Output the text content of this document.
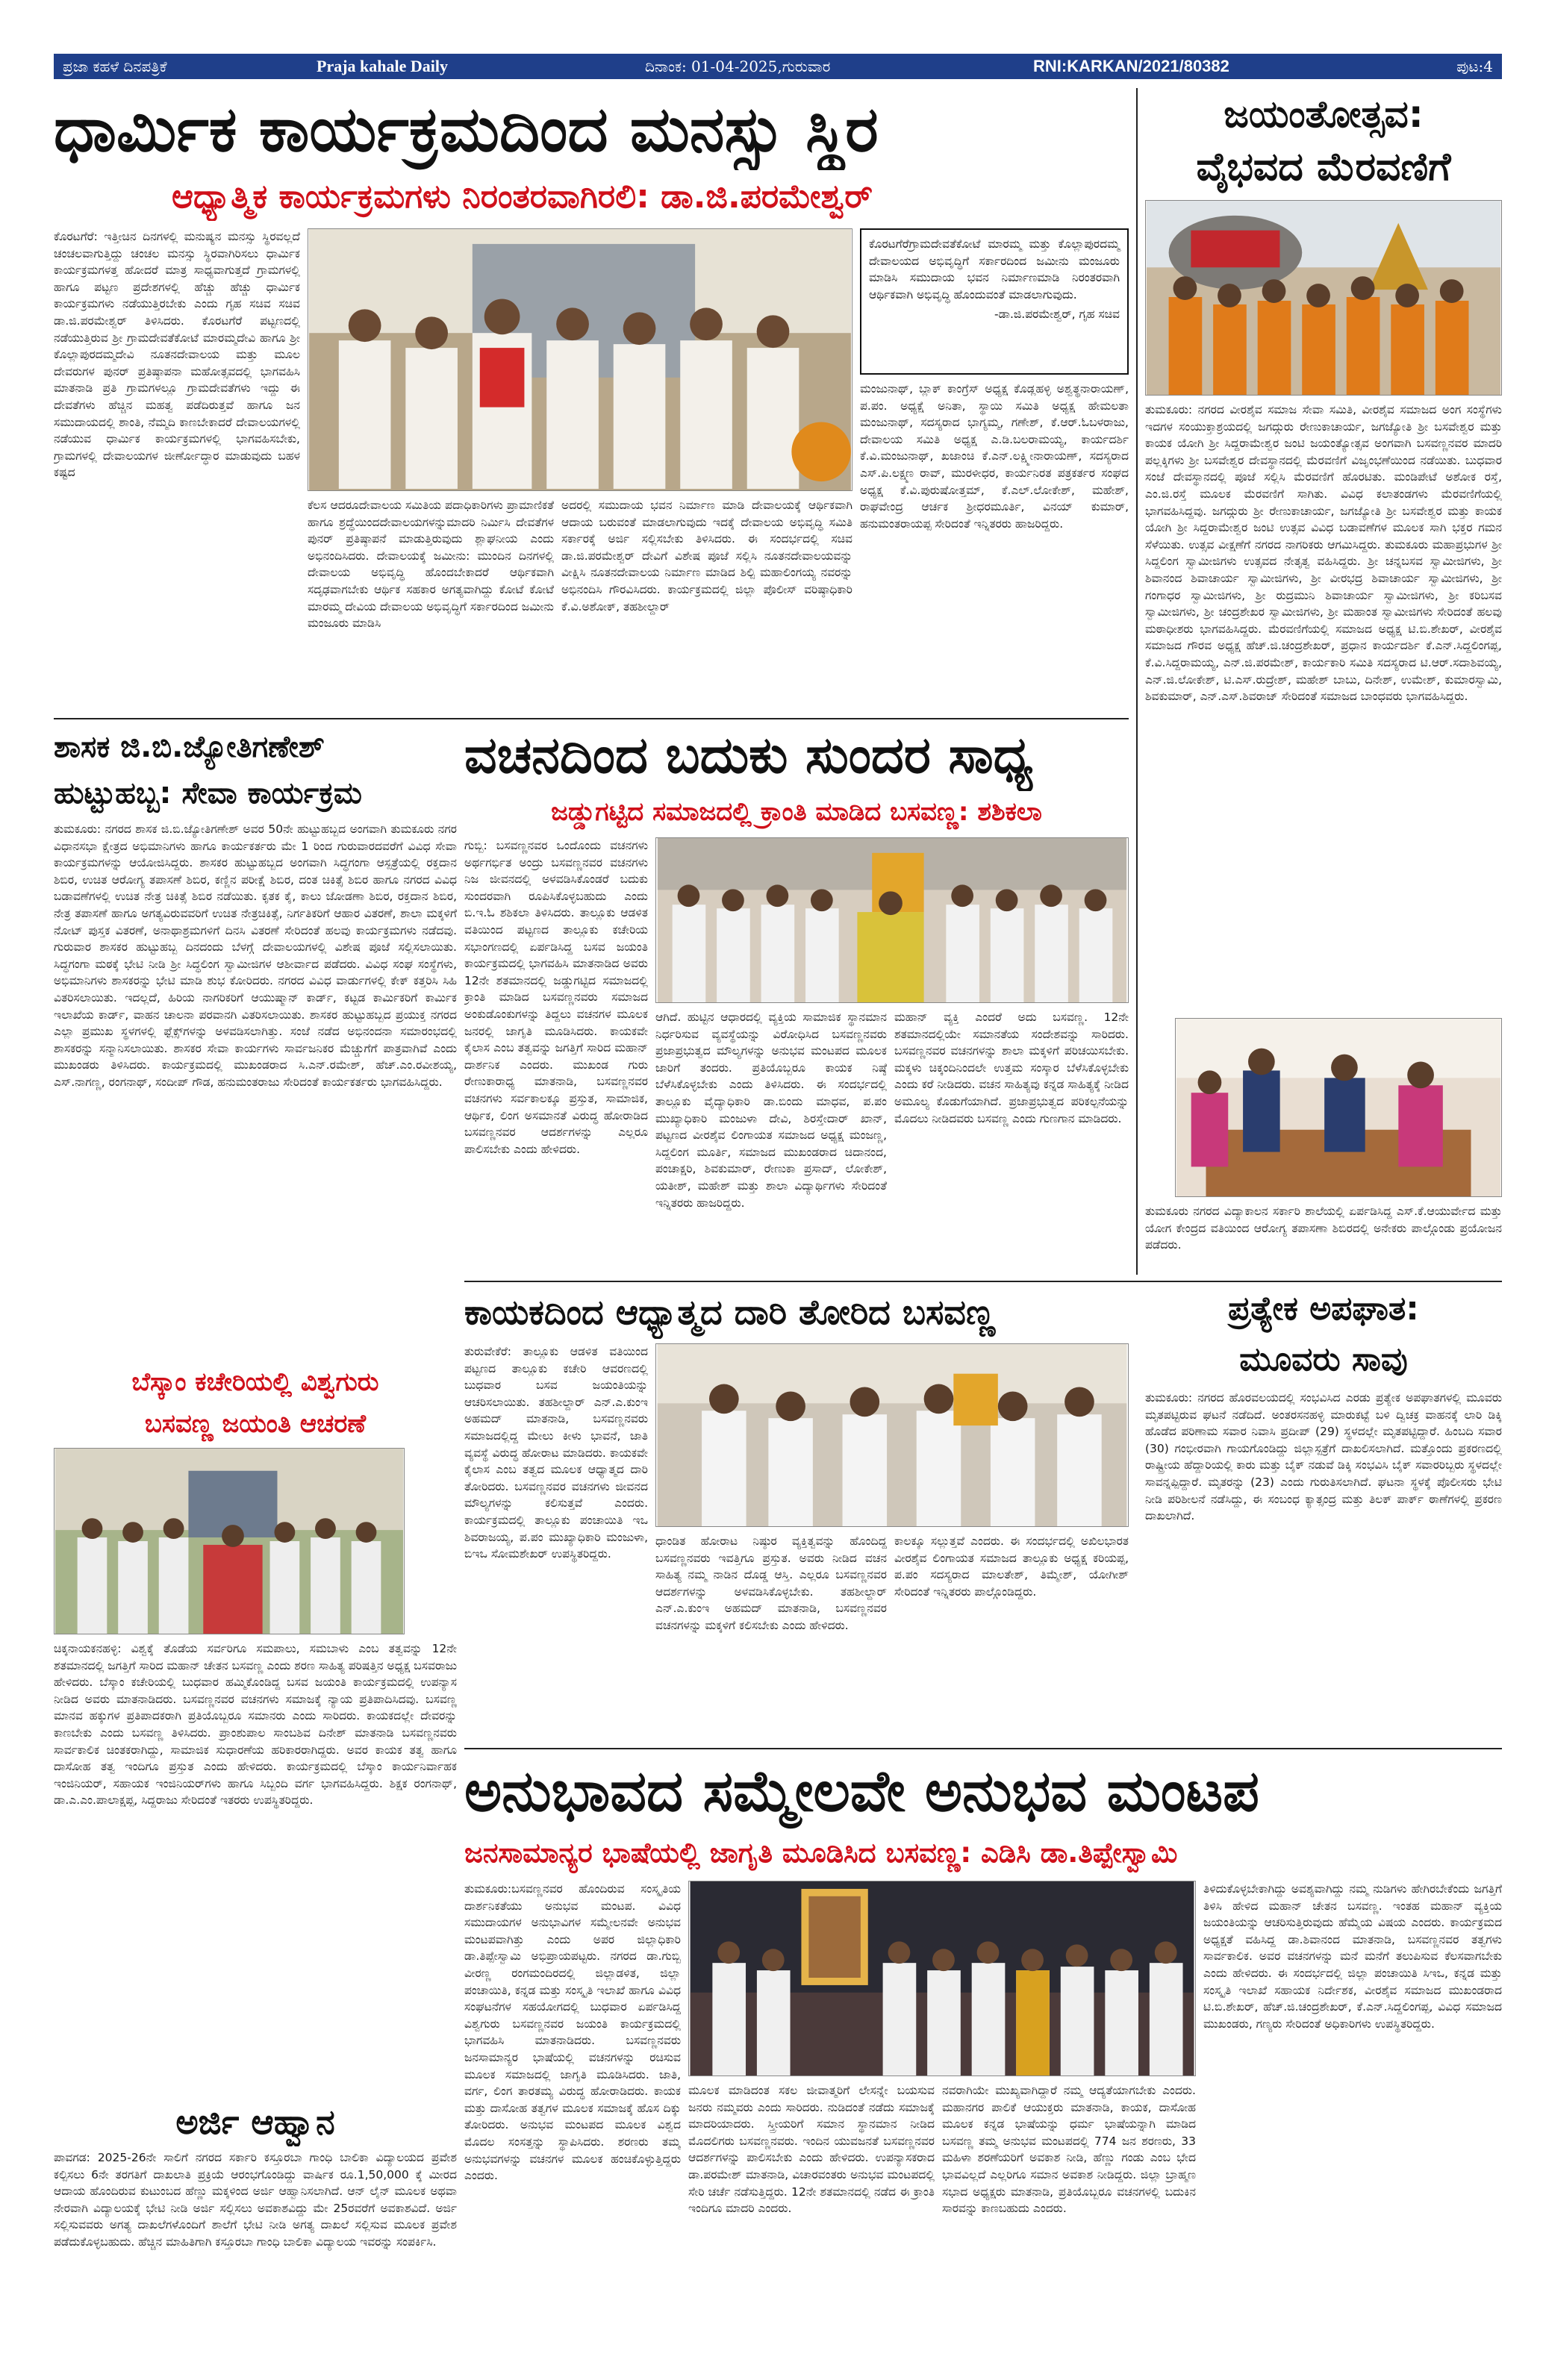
ಪ್ರಜಾ ಕಹಳೆ ದಿನಪತ್ರಿಕೆ	Praja kahale Daily	ದಿನಾಂಕ: 01-04-2025,ಗುರುವಾರ	RNI:KARKAN/2021/80382	ಪುಟ:4
ಧಾರ್ಮಿಕ ಕಾರ್ಯಕ್ರಮದಿಂದ ಮನಸ್ಸು ಸ್ಥಿರ
ಆಧ್ಯಾತ್ಮಿಕ ಕಾರ್ಯಕ್ರಮಗಳು ನಿರಂತರವಾಗಿರಲಿ: ಡಾ.ಜಿ.ಪರಮೇಶ್ವರ್
ಕೊರಟಗೆರೆ: ಇತ್ತೀಚಿನ ದಿನಗಳಲ್ಲಿ ಮನುಷ್ಯನ ಮನಸ್ಸು ಸ್ಥಿರವಲ್ಲದೆ ಚಂಚಲವಾಗುತ್ತಿದ್ದು ಚಂಚಲ ಮನಸ್ಸು ಸ್ಥಿರವಾಗಿರಿಸಲು ಧಾರ್ಮಿಕ ಕಾರ್ಯಕ್ರಮಗಳತ್ತ ಹೋದರೆ ಮಾತ್ರ ಸಾಧ್ಯವಾಗುತ್ತದೆ ಗ್ರಾಮಗಳಲ್ಲಿ ಹಾಗೂ ಪಟ್ಟಣ ಪ್ರದೇಶಗಳಲ್ಲಿ ಹೆಚ್ಚು ಹೆಚ್ಚು ಧಾರ್ಮಿಕ ಕಾರ್ಯಕ್ರಮಗಳು ನಡೆಯುತ್ತಿರಬೇಕು ಎಂದು ಗೃಹ ಸಚಿವ ಸಚಿವ ಡಾ.ಜಿ.ಪರಮೇಶ್ವರ್ ತಿಳಿಸಿದರು. ಕೊರಟಗೆರೆ ಪಟ್ಟಣದಲ್ಲಿ ನಡೆಯುತ್ತಿರುವ ಶ್ರೀ ಗ್ರಾಮದೇವತೆಕೋಟೆ ಮಾರಮ್ಮದೇವಿ ಹಾಗೂ ಶ್ರೀ ಕೊಲ್ಲಾಪುರದಮ್ಮದೇವಿ ನೂತನದೇವಾಲಯ ಮತ್ತು ಮೂಲ ದೇವರುಗಳ ಪುನರ್ ಪ್ರತಿಷ್ಠಾಪನಾ ಮಹೋತ್ಸವದಲ್ಲಿ ಭಾಗವಹಿಸಿ ಮಾತನಾಡಿ ಪ್ರತಿ ಗ್ರಾಮಗಳಲ್ಲೂ ಗ್ರಾಮದೇವತೆಗಳು ಇದ್ದು ಈ ದೇವತೆಗಳು ಹೆಚ್ಚಿನ ಮಹತ್ವ ಪಡೆದಿರುತ್ತವೆ ಹಾಗೂ ಜನ ಸಮುದಾಯದಲ್ಲಿ ಶಾಂತಿ, ನೆಮ್ಮದಿ ಕಾಣಬೇಕಾದರೆ ದೇವಾಲಯಗಳಲ್ಲಿ ನಡೆಯುವ ಧಾರ್ಮಿಕ ಕಾರ್ಯಕ್ರಮಗಳಲ್ಲಿ ಭಾಗವಹಿಸಬೇಕು, ಗ್ರಾಮಗಳಲ್ಲಿ ದೇವಾಲಯಗಳ ಜೀರ್ಣೋದ್ಧಾರ ಮಾಡುವುದು ಬಹಳ ಕಷ್ಟದ
ಕೆಲಸ ಆದರೂದೇವಾಲಯ ಸಮಿತಿಯ ಪದಾಧಿಕಾರಿಗಳು ಪ್ರಾಮಾಣಿಕತೆ ಹಾಗೂ ಶ್ರದ್ಧೆಯಿಂದದೇವಾಲಯಗಳನ್ನುಮಾದರಿ ನಿರ್ಮಿಸಿ ದೇವತೆಗಳ ಪುನರ್ ಪ್ರತಿಷ್ಠಾಪನೆ ಮಾಡುತ್ತಿರುವುದು ಶ್ಲಾಘನೀಯ ಎಂದು ಅಭಿನಂದಿಸಿದರು. ದೇವಾಲಯಕ್ಕೆ ಜಮೀನು: ಮುಂದಿನ ದಿನಗಳಲ್ಲಿ ದೇವಾಲಯ ಅಭಿವೃದ್ಧಿ ಹೊಂದಬೇಕಾದರೆ ಆರ್ಥಿಕವಾಗಿ ಸದೃಢವಾಗಬೇಕು ಆರ್ಥಿಕ ಸಹಕಾರ ಅಗತ್ಯವಾಗಿದ್ದು ಕೋಟೆ ಕೋಟೆ ಮಾರಮ್ಮ ದೇವಿಯ ದೇವಾಲಯ ಅಭಿವೃದ್ಧಿಗೆ ಸರ್ಕಾರದಿಂದ ಜಮೀನು ಮಂಜೂರು ಮಾಡಿಸಿ
ಅದರಲ್ಲಿ ಸಮುದಾಯ ಭವನ ನಿರ್ಮಾಣ ಮಾಡಿ ದೇವಾಲಯಕ್ಕೆ ಆರ್ಥಿಕವಾಗಿ ಆದಾಯ ಬರುವಂತೆ ಮಾಡಲಾಗುವುದು ಇದಕ್ಕೆ ದೇವಾಲಯ ಅಭಿವೃದ್ಧಿ ಸಮಿತಿ ಸರ್ಕಾರಕ್ಕೆ ಅರ್ಜಿ ಸಲ್ಲಿಸಬೇಕು ತಿಳಿಸಿದರು. ಈ ಸಂದರ್ಭದಲ್ಲಿ ಸಚಿವ ಡಾ.ಜಿ.ಪರಮೇಶ್ವರ್ ದೇವಿಗೆ ವಿಶೇಷ ಪೂಜೆ ಸಲ್ಲಿಸಿ ನೂತನದೇವಾಲಯವನ್ನು ವೀಕ್ಷಿಸಿ ನೂತನದೇವಾಲಯ ನಿರ್ಮಾಣ ಮಾಡಿದ ಶಿಲ್ಪಿ ಮಹಾಲಿಂಗಯ್ಯ ನವರನ್ನು ಅಭಿನಂದಿಸಿ ಗೌರವಿಸಿದರು. ಕಾರ್ಯಕ್ರಮದಲ್ಲಿ ಜಿಲ್ಲಾ ಪೊಲೀಸ್ ವರಿಷ್ಠಾಧಿಕಾರಿ ಕೆ.ವಿ.ಅಶೋಕ್, ತಹಶೀಲ್ದಾರ್
ಕೊರಟಗೆರೆಗ್ರಾಮದೇವತೆಕೋಟೆ ಮಾರಮ್ಮ ಮತ್ತು ಕೊಲ್ಲಾಪುರದಮ್ಮ ದೇವಾಲಯದ ಅಭಿವೃದ್ಧಿಗೆ ಸರ್ಕಾರದಿಂದ ಜಮೀನು ಮಂಜೂರು ಮಾಡಿಸಿ ಸಮುದಾಯ ಭವನ ನಿರ್ಮಾಣಮಾಡಿ ನಿರಂತರವಾಗಿ ಆರ್ಥಿಕವಾಗಿ ಅಭಿವೃದ್ಧಿ ಹೊಂದುವಂತೆ ಮಾಡಲಾಗುವುದು.
-ಡಾ.ಜಿ.ಪರಮೇಶ್ವರ್, ಗೃಹ ಸಚಿವ
ಮಂಜುನಾಥ್, ಬ್ಲಾಕ್ ಕಾಂಗ್ರೆಸ್ ಅಧ್ಯಕ್ಷ ಕೊಡ್ಲಹಳ್ಳಿ ಅಶ್ವತ್ಥನಾರಾಯಣ್, ಪ.ಪಂ. ಅಧ್ಯಕ್ಷೆ ಅನಿತಾ, ಸ್ಥಾಯಿ ಸಮಿತಿ ಅಧ್ಯಕ್ಷ ಹೇಮಲತಾ ಮಂಜುನಾಥ್, ಸದಸ್ಯರಾದ ಭಾಗ್ಯಮ್ಮ, ಗಣೇಶ್, ಕೆ.ಆರ್.ಓಬಳರಾಜು, ದೇವಾಲಯ ಸಮಿತಿ ಅಧ್ಯಕ್ಷ ಎ.ಡಿ.ಬಲರಾಮಯ್ಯ, ಕಾರ್ಯದರ್ಶಿ ಕೆ.ವಿ.ಮಂಜುನಾಥ್, ಖಜಾಂಚಿ ಕೆ.ಎನ್.ಲಕ್ಷ್ಮೀನಾರಾಯಣ್, ಸದಸ್ಯರಾದ ಎಸ್.ಪಿ.ಲಕ್ಷ್ಮಣ ರಾವ್, ಮುರಳೀಧರ, ಕಾರ್ಯನಿರತ ಪತ್ರಕರ್ತರ ಸಂಘದ ಅಧ್ಯಕ್ಷ ಕೆ.ವಿ.ಪುರುಷೋತ್ತಮ್, ಕೆ.ಎಲ್.ಲೋಕೇಶ್, ಮಹೇಶ್, ರಾಘವೇಂದ್ರ ಆರ್ಚಕ ಶ್ರೀಧರಮೂರ್ತಿ, ವಿನಯ್ ಕುಮಾರ್, ಹನುಮಂತರಾಯಪ್ಪ ಸೇರಿದಂತೆ ಇನ್ನಿತರರು ಹಾಜರಿದ್ದರು.
ಜಯಂತೋತ್ಸವ:
ವೈಭವದ ಮೆರವಣಿಗೆ
ತುಮಕೂರು: ನಗರದ ವೀರಶೈವ ಸಮಾಜ ಸೇವಾ ಸಮಿತಿ, ವೀರಶೈವ ಸಮಾಜದ ಅಂಗ ಸಂಸ್ಥೆಗಳು ಇದಗಳ ಸಂಯುಕ್ತಾಶ್ರಯದಲ್ಲಿ ಜಗದ್ಗುರು ರೇಣುಕಾಚಾರ್ಯ, ಜಗಜ್ಯೋತಿ ಶ್ರೀ ಬಸವೇಶ್ವರ ಮತ್ತು ಕಾಯಕ ಯೋಗಿ ಶ್ರೀ ಸಿದ್ದರಾಮೇಶ್ವರ ಜಂಟಿ ಜಯಂತ್ಯೋತ್ಸವ ಅಂಗವಾಗಿ ಬಸವಣ್ಣನವರ ಮಾದರಿ ಪಲ್ಲಕ್ಕಿಗಳು ಶ್ರೀ ಬಸವೇಶ್ವರ ದೇವಸ್ಥಾನದಲ್ಲಿ ಮೆರವಣಿಗೆ ವಿಜೃಂಭಣೆಯಿಂದ ನಡೆಯಿತು. ಬುಧವಾರ ಸಂಜೆ ದೇವಸ್ಥಾನದಲ್ಲಿ ಪೂಜೆ ಸಲ್ಲಿಸಿ ಮೆರವಣಿಗೆ ಹೊರಟಿತು. ಮಂಡಿಪೇಟೆ ಅಶೋಕ ರಸ್ತೆ, ಎಂ.ಜಿ.ರಸ್ತೆ ಮೂಲಕ ಮೆರವಣಿಗೆ ಸಾಗಿತು. ವಿವಿಧ ಕಲಾತಂಡಗಳು ಮೆರವಣಿಗೆಯಲ್ಲಿ ಭಾಗವಹಿಸಿದ್ದವು. ಜಗದ್ಗುರು ಶ್ರೀ ರೇಣುಕಾಚಾರ್ಯ, ಜಗಜ್ಯೋತಿ ಶ್ರೀ ಬಸವೇಶ್ವರ ಮತ್ತು ಕಾಯಕ ಯೋಗಿ ಶ್ರೀ ಸಿದ್ದರಾಮೇಶ್ವರ ಜಂಟಿ ಉತ್ಸವ ವಿವಿಧ ಬಡಾವಣೆಗಳ ಮೂಲಕ ಸಾಗಿ ಭಕ್ತರ ಗಮನ ಸೆಳೆಯಿತು. ಉತ್ಸವ ವೀಕ್ಷಣೆಗೆ ನಗರದ ನಾಗರಿಕರು ಆಗಮಿಸಿದ್ದರು. ತುಮಕೂರು ಮಹಾಪ್ರಭುಗಳ ಶ್ರೀ ಸಿದ್ದಲಿಂಗ ಸ್ವಾಮೀಜಿಗಳು ಉತ್ಸವದ ನೇತೃತ್ವ ವಹಿಸಿದ್ದರು. ಶ್ರೀ ಚನ್ನಬಸವ ಸ್ವಾಮೀಜಿಗಳು, ಶ್ರೀ ಶಿವಾನಂದ ಶಿವಾಚಾರ್ಯ ಸ್ವಾಮೀಜಿಗಳು, ಶ್ರೀ ವೀರಭದ್ರ ಶಿವಾಚಾರ್ಯ ಸ್ವಾಮೀಜಿಗಳು, ಶ್ರೀ ಗಂಗಾಧರ ಸ್ವಾಮೀಜಿಗಳು, ಶ್ರೀ ರುದ್ರಮುನಿ ಶಿವಾಚಾರ್ಯ ಸ್ವಾಮೀಜಿಗಳು, ಶ್ರೀ ಕರಿಬಸವ ಸ್ವಾಮೀಜಿಗಳು, ಶ್ರೀ ಚಂದ್ರಶೇಖರ ಸ್ವಾಮೀಜಿಗಳು, ಶ್ರೀ ಮಹಾಂತ ಸ್ವಾಮೀಜಿಗಳು ಸೇರಿದಂತೆ ಹಲವು ಮಠಾಧೀಶರು ಭಾಗವಹಿಸಿದ್ದರು. ಮೆರವಣಿಗೆಯಲ್ಲಿ ಸಮಾಜದ ಅಧ್ಯಕ್ಷ ಟಿ.ಬಿ.ಶೇಖರ್, ವೀರಶೈವ ಸಮಾಜದ ಗೌರವ ಅಧ್ಯಕ್ಷ ಹೆಚ್.ಜಿ.ಚಂದ್ರಶೇಖರ್, ಪ್ರಧಾನ ಕಾರ್ಯದರ್ಶಿ ಕೆ.ಎನ್.ಸಿದ್ದಲಿಂಗಪ್ಪ, ಕೆ.ವಿ.ಸಿದ್ದರಾಮಯ್ಯ, ಎನ್.ಜಿ.ಪರಮೇಶ್, ಕಾರ್ಯಕಾರಿ ಸಮಿತಿ ಸದಸ್ಯರಾದ ಟಿ.ಆರ್.ಸದಾಶಿವಯ್ಯ, ಎನ್.ಜಿ.ಲೋಕೇಶ್, ಟಿ.ಎಸ್.ರುದ್ರೇಶ್, ಮಹೇಶ್ ಬಾಬು, ದಿನೇಶ್, ಉಮೇಶ್, ಕುಮಾರಸ್ವಾಮಿ, ಶಿವಕುಮಾರ್, ಎನ್.ಎಸ್.ಶಿವರಾಜ್ ಸೇರಿದಂತೆ ಸಮಾಜದ ಬಾಂಧವರು ಭಾಗವಹಿಸಿದ್ದರು.
ತುಮಕೂರು ನಗರದ ವಿದ್ಯಾಕಾಲನ ಸರ್ಕಾರಿ ಶಾಲೆಯಲ್ಲಿ ಏರ್ಪಡಿಸಿದ್ದ ಎಸ್.ಕೆ.ಆಯುರ್ವೇದ ಮತ್ತು ಯೋಗ ಕೇಂದ್ರದ ವತಿಯಿಂದ ಆರೋಗ್ಯ ತಪಾಸಣಾ ಶಿಬಿರದಲ್ಲಿ ಅನೇಕರು ಪಾಲ್ಗೊಂಡು ಪ್ರಯೋಜನ ಪಡೆದರು.
ಶಾಸಕ ಜಿ.ಬಿ.ಜ್ಯೋತಿಗಣೇಶ್
ಹುಟ್ಟುಹಬ್ಬ: ಸೇವಾ ಕಾರ್ಯಕ್ರಮ
ತುಮಕೂರು: ನಗರದ ಶಾಸಕ ಜಿ.ಬಿ.ಜ್ಯೋತಿಗಣೇಶ್ ಅವರ 50ನೇ ಹುಟ್ಟುಹಬ್ಬದ ಅಂಗವಾಗಿ ತುಮಕೂರು ನಗರ ವಿಧಾನಸಭಾ ಕ್ಷೇತ್ರದ ಅಭಿಮಾನಿಗಳು ಹಾಗೂ ಕಾರ್ಯಕರ್ತರು ಮೇ 1 ರಿಂದ ಗುರುವಾರದವರೆಗೆ ವಿವಿಧ ಸೇವಾ ಕಾರ್ಯಕ್ರಮಗಳನ್ನು ಆಯೋಜಿಸಿದ್ದರು. ಶಾಸಕರ ಹುಟ್ಟುಹಬ್ಬದ ಅಂಗವಾಗಿ ಸಿದ್ಧಗಂಗಾ ಆಸ್ಪತ್ರೆಯಲ್ಲಿ ರಕ್ತದಾನ ಶಿಬಿರ, ಉಚಿತ ಆರೋಗ್ಯ ತಪಾಸಣೆ ಶಿಬಿರ, ಕಣ್ಣಿನ ಪರೀಕ್ಷೆ ಶಿಬಿರ, ದಂತ ಚಿಕಿತ್ಸೆ ಶಿಬಿರ ಹಾಗೂ ನಗರದ ವಿವಿಧ ಬಡಾವಣೆಗಳಲ್ಲಿ ಉಚಿತ ನೇತ್ರ ಚಿಕಿತ್ಸೆ ಶಿಬಿರ ನಡೆಯಿತು. ಕೃತಕ ಕೈ, ಕಾಲು ಜೋಡಣಾ ಶಿಬಿರ, ರಕ್ತದಾನ ಶಿಬಿರ, ನೇತ್ರ ತಪಾಸಣೆ ಹಾಗೂ ಅಗತ್ಯವಿರುವವರಿಗೆ ಉಚಿತ ನೇತ್ರಚಿಕಿತ್ಸೆ, ನಿರ್ಗತಿಕರಿಗೆ ಆಹಾರ ವಿತರಣೆ, ಶಾಲಾ ಮಕ್ಕಳಿಗೆ ನೋಟ್ ಪುಸ್ತಕ ವಿತರಣೆ, ಅನಾಥಾಶ್ರಮಗಳಿಗೆ ದಿನಸಿ ವಿತರಣೆ ಸೇರಿದಂತೆ ಹಲವು ಕಾರ್ಯಕ್ರಮಗಳು ನಡೆದವು. ಗುರುವಾರ ಶಾಸಕರ ಹುಟ್ಟುಹಬ್ಬ ದಿನದಂದು ಬೆಳಗ್ಗೆ ದೇವಾಲಯಗಳಲ್ಲಿ ವಿಶೇಷ ಪೂಜೆ ಸಲ್ಲಿಸಲಾಯಿತು. ಸಿದ್ಧಗಂಗಾ ಮಠಕ್ಕೆ ಭೇಟಿ ನೀಡಿ ಶ್ರೀ ಸಿದ್ಧಲಿಂಗ ಸ್ವಾಮೀಜಿಗಳ ಆಶೀರ್ವಾದ ಪಡೆದರು. ವಿವಿಧ ಸಂಘ ಸಂಸ್ಥೆಗಳು, ಅಭಿಮಾನಿಗಳು ಶಾಸಕರನ್ನು ಭೇಟಿ ಮಾಡಿ ಶುಭ ಕೋರಿದರು. ನಗರದ ವಿವಿಧ ವಾರ್ಡುಗಳಲ್ಲಿ ಕೇಕ್ ಕತ್ತರಿಸಿ ಸಿಹಿ ವಿತರಿಸಲಾಯಿತು. ಇದಲ್ಲದೆ, ಹಿರಿಯ ನಾಗರಿಕರಿಗೆ ಆಯುಷ್ಮಾನ್ ಕಾರ್ಡ್, ಕಟ್ಟಡ ಕಾರ್ಮಿಕರಿಗೆ ಕಾರ್ಮಿಕ ಇಲಾಖೆಯ ಕಾರ್ಡ್, ವಾಹನ ಚಾಲನಾ ಪರವಾನಗಿ ವಿತರಿಸಲಾಯಿತು. ಶಾಸಕರ ಹುಟ್ಟುಹಬ್ಬದ ಪ್ರಯುಕ್ತ ನಗರದ ಎಲ್ಲಾ ಪ್ರಮುಖ ಸ್ಥಳಗಳಲ್ಲಿ ಫ್ಲೆಕ್ಸ್‌ಗಳನ್ನು ಅಳವಡಿಸಲಾಗಿತ್ತು. ಸಂಜೆ ನಡೆದ ಅಭಿನಂದನಾ ಸಮಾರಂಭದಲ್ಲಿ ಶಾಸಕರನ್ನು ಸನ್ಮಾನಿಸಲಾಯಿತು. ಶಾಸಕರ ಸೇವಾ ಕಾರ್ಯಗಳು ಸಾರ್ವಜನಿಕರ ಮೆಚ್ಚುಗೆಗೆ ಪಾತ್ರವಾಗಿವೆ ಎಂದು ಮುಖಂಡರು ತಿಳಿಸಿದರು. ಕಾರ್ಯಕ್ರಮದಲ್ಲಿ ಮುಖಂಡರಾದ ಸಿ.ಎನ್.ರಮೇಶ್, ಹೆಚ್.ಎಂ.ರವೀಶಯ್ಯ, ಎಸ್.ನಾಗಣ್ಣ, ರಂಗನಾಥ್, ಸಂದೀಪ್ ಗೌಡ, ಹನುಮಂತರಾಜು ಸೇರಿದಂತೆ ಕಾರ್ಯಕರ್ತರು ಭಾಗವಹಿಸಿದ್ದರು.
ವಚನದಿಂದ ಬದುಕು ಸುಂದರ ಸಾಧ್ಯ
ಜಡ್ಡುಗಟ್ಟಿದ ಸಮಾಜದಲ್ಲಿ ಕ್ರಾಂತಿ ಮಾಡಿದ ಬಸವಣ್ಣ: ಶಶಿಕಲಾ
ಗುಬ್ಬಿ: ಬಸವಣ್ಣನವರ ಒಂದೊಂದು ವಚನಗಳು ಅರ್ಥಗರ್ಭಿತ ಅಂದ್ರು ಬಸವಣ್ಣನವರ ವಚನಗಳು ನಿಜ ಜೀವನದಲ್ಲಿ ಅಳವಡಿಸಿಕೊಂಡರೆ ಬದುಕು ಸುಂದರವಾಗಿ ರೂಪಿಸಿಕೊಳ್ಳಬಹುದು ಎಂದು ಬಿ.ಇ.ಓ ಶಶಿಕಲಾ ತಿಳಿಸಿದರು. ತಾಲ್ಲೂಕು ಆಡಳಿತ ವತಿಯಿಂದ ಪಟ್ಟಣದ ತಾಲ್ಲೂಕು ಕಚೇರಿಯ ಸಭಾಂಗಣದಲ್ಲಿ ಏರ್ಪಡಿಸಿದ್ದ ಬಸವ ಜಯಂತಿ ಕಾರ್ಯಕ್ರಮದಲ್ಲಿ ಭಾಗವಹಿಸಿ ಮಾತನಾಡಿದ ಅವರು 12ನೇ ಶತಮಾನದಲ್ಲಿ ಜಡ್ಡುಗಟ್ಟಿದ ಸಮಾಜದಲ್ಲಿ ಕ್ರಾಂತಿ ಮಾಡಿದ ಬಸವಣ್ಣನವರು ಸಮಾಜದ ಅಂಕುಡೊಂಕುಗಳನ್ನು ತಿದ್ದಲು ವಚನಗಳ ಮೂಲಕ ಜನರಲ್ಲಿ ಜಾಗೃತಿ ಮೂಡಿಸಿದರು. ಕಾಯಕವೇ ಕೈಲಾಸ ಎಂಬ ತತ್ವವನ್ನು ಜಗತ್ತಿಗೆ ಸಾರಿದ ಮಹಾನ್ ದಾರ್ಶನಿಕ ಎಂದರು. ಮುಖಂಡ ಗುರು ರೇಣುಕಾರಾಧ್ಯ ಮಾತನಾಡಿ, ಬಸವಣ್ಣನವರ ವಚನಗಳು ಸರ್ವಕಾಲಕ್ಕೂ ಪ್ರಸ್ತುತ, ಸಾಮಾಜಿಕ, ಆರ್ಥಿಕ, ಲಿಂಗ ಅಸಮಾನತೆ ವಿರುದ್ಧ ಹೋರಾಡಿದ ಬಸವಣ್ಣನವರ ಆದರ್ಶಗಳನ್ನು ಎಲ್ಲರೂ ಪಾಲಿಸಬೇಕು ಎಂದು ಹೇಳಿದರು.
ಆಗಿದೆ. ಹುಟ್ಟಿನ ಆಧಾರದಲ್ಲಿ ವ್ಯಕ್ತಿಯ ಸಾಮಾಜಿಕ ಸ್ಥಾನಮಾನ ನಿರ್ಧರಿಸುವ ವ್ಯವಸ್ಥೆಯನ್ನು ವಿರೋಧಿಸಿದ ಬಸವಣ್ಣನವರು ಪ್ರಜಾಪ್ರಭುತ್ವದ ಮೌಲ್ಯಗಳನ್ನು ಅನುಭವ ಮಂಟಪದ ಮೂಲಕ ಜಾರಿಗೆ ತಂದರು. ಪ್ರತಿಯೊಬ್ಬರೂ ಕಾಯಕ ನಿಷ್ಠೆ ಬೆಳೆಸಿಕೊಳ್ಳಬೇಕು ಎಂದು ತಿಳಿಸಿದರು. ಈ ಸಂದರ್ಭದಲ್ಲಿ ತಾಲ್ಲೂಕು ವೈದ್ಯಾಧಿಕಾರಿ ಡಾ.ಬಿಂದು ಮಾಧವ, ಪ.ಪಂ ಮುಖ್ಯಾಧಿಕಾರಿ ಮಂಜುಳಾ ದೇವಿ, ಶಿರಸ್ತೇದಾರ್ ಖಾನ್, ಪಟ್ಟಣದ ವೀರಶೈವ ಲಿಂಗಾಯತ ಸಮಾಜದ ಅಧ್ಯಕ್ಷ ಮಂಜಣ್ಣ, ಸಿದ್ದಲಿಂಗ ಮೂರ್ತಿ, ಸಮಾಜದ ಮುಖಂಡರಾದ ಚಿದಾನಂದ, ಪಂಚಾಕ್ಷರಿ, ಶಿವಕುಮಾರ್, ರೇಣುಕಾ ಪ್ರಸಾದ್, ಲೋಕೇಶ್, ಯತೀಶ್, ಮಹೇಶ್ ಮತ್ತು ಶಾಲಾ ವಿದ್ಯಾರ್ಥಿಗಳು ಸೇರಿದಂತೆ ಇನ್ನಿತರರು ಹಾಜರಿದ್ದರು.
ಮಹಾನ್ ವ್ಯಕ್ತಿ ಎಂದರೆ ಅದು ಬಸವಣ್ಣ. 12ನೇ ಶತಮಾನದಲ್ಲಿಯೇ ಸಮಾನತೆಯ ಸಂದೇಶವನ್ನು ಸಾರಿದರು. ಬಸವಣ್ಣನವರ ವಚನಗಳನ್ನು ಶಾಲಾ ಮಕ್ಕಳಿಗೆ ಪರಿಚಯಿಸಬೇಕು. ಮಕ್ಕಳು ಚಿಕ್ಕಂದಿನಿಂದಲೇ ಉತ್ತಮ ಸಂಸ್ಕಾರ ಬೆಳೆಸಿಕೊಳ್ಳಬೇಕು ಎಂದು ಕರೆ ನೀಡಿದರು. ವಚನ ಸಾಹಿತ್ಯವು ಕನ್ನಡ ಸಾಹಿತ್ಯಕ್ಕೆ ನೀಡಿದ ಅಮೂಲ್ಯ ಕೊಡುಗೆಯಾಗಿದೆ. ಪ್ರಜಾಪ್ರಭುತ್ವದ ಪರಿಕಲ್ಪನೆಯನ್ನು ಮೊದಲು ನೀಡಿದವರು ಬಸವಣ್ಣ ಎಂದು ಗುಣಗಾನ ಮಾಡಿದರು.
ಬೆಸ್ಕಾಂ ಕಚೇರಿಯಲ್ಲಿ ವಿಶ್ವಗುರು
ಬಸವಣ್ಣ ಜಯಂತಿ ಆಚರಣೆ
ಚಿಕ್ಕನಾಯಕನಹಳ್ಳಿ: ವಿಶ್ವಕ್ಕೆ ತೊಡೆಯ ಸರ್ವರಿಗೂ ಸಮಪಾಲು, ಸಮಬಾಳು ಎಂಬ ತತ್ವವನ್ನು 12ನೇ ಶತಮಾನದಲ್ಲಿ ಜಗತ್ತಿಗೆ ಸಾರಿದ ಮಹಾನ್ ಚೇತನ ಬಸವಣ್ಣ ಎಂದು ಶರಣ ಸಾಹಿತ್ಯ ಪರಿಷತ್ತಿನ ಅಧ್ಯಕ್ಷ ಬಸವರಾಜು ಹೇಳಿದರು. ಬೆಸ್ಕಾಂ ಕಚೇರಿಯಲ್ಲಿ ಬುಧವಾರ ಹಮ್ಮಿಕೊಂಡಿದ್ದ ಬಸವ ಜಯಂತಿ ಕಾರ್ಯಕ್ರಮದಲ್ಲಿ ಉಪನ್ಯಾಸ ನೀಡಿದ ಅವರು ಮಾತನಾಡಿದರು. ಬಸವಣ್ಣನವರ ವಚನಗಳು ಸಮಾಜಕ್ಕೆ ನ್ಯಾಯ ಪ್ರತಿಪಾದಿಸಿದವು. ಬಸವಣ್ಣ ಮಾನವ ಹಕ್ಕುಗಳ ಪ್ರತಿಪಾದಕರಾಗಿ ಪ್ರತಿಯೊಬ್ಬರೂ ಸಮಾನರು ಎಂದು ಸಾರಿದರು. ಕಾಯಕದಲ್ಲೇ ದೇವರನ್ನು ಕಾಣಬೇಕು ಎಂದು ಬಸವಣ್ಣ ತಿಳಿಸಿದರು. ಪ್ರಾಂಶುಪಾಲ ಸಾಂಬಶಿವ ದಿನೇಶ್ ಮಾತನಾಡಿ ಬಸವಣ್ಣನವರು ಸಾರ್ವಕಾಲಿಕ ಚಿಂತಕರಾಗಿದ್ದು, ಸಾಮಾಜಿಕ ಸುಧಾರಣೆಯ ಹರಿಕಾರರಾಗಿದ್ದರು. ಅವರ ಕಾಯಕ ತತ್ವ ಹಾಗೂ ದಾಸೋಹ ತತ್ವ ಇಂದಿಗೂ ಪ್ರಸ್ತುತ ಎಂದು ಹೇಳಿದರು. ಕಾರ್ಯಕ್ರಮದಲ್ಲಿ ಬೆಸ್ಕಾಂ ಕಾರ್ಯನಿರ್ವಾಹಕ ಇಂಜಿನಿಯರ್, ಸಹಾಯಕ ಇಂಜಿನಿಯರ್‌ಗಳು ಹಾಗೂ ಸಿಬ್ಬಂದಿ ವರ್ಗ ಭಾಗವಹಿಸಿದ್ದರು. ಶಿಕ್ಷಕ ರಂಗನಾಥ್, ಡಾ.ಎ.ಎಂ.ಪಾಲಾಕ್ಷಪ್ಪ, ಸಿದ್ದರಾಜು ಸೇರಿದಂತೆ ಇತರರು ಉಪಸ್ಥಿತರಿದ್ದರು.
ಕಾಯಕದಿಂದ ಆಧ್ಯಾತ್ಮದ ದಾರಿ ತೋರಿದ ಬಸವಣ್ಣ
ತುರುವೇಕೆರೆ: ತಾಲ್ಲೂಕು ಆಡಳಿತ ವತಿಯಿಂದ ಪಟ್ಟಣದ ತಾಲ್ಲೂಕು ಕಚೇರಿ ಆವರಣದಲ್ಲಿ ಬುಧವಾರ ಬಸವ ಜಯಂತಿಯನ್ನು ಆಚರಿಸಲಾಯಿತು. ತಹಶೀಲ್ದಾರ್ ಎನ್.ಎ.ಕುಂಇ ಅಹಮದ್ ಮಾತನಾಡಿ, ಬಸವಣ್ಣನವರು ಸಮಾಜದಲ್ಲಿದ್ದ ಮೇಲು ಕೀಳು ಭಾವನೆ, ಜಾತಿ ವ್ಯವಸ್ಥೆ ವಿರುದ್ಧ ಹೋರಾಟ ಮಾಡಿದರು. ಕಾಯಕವೇ ಕೈಲಾಸ ಎಂಬ ತತ್ವದ ಮೂಲಕ ಆಧ್ಯಾತ್ಮದ ದಾರಿ ತೋರಿದರು. ಬಸವಣ್ಣನವರ ವಚನಗಳು ಜೀವನದ ಮೌಲ್ಯಗಳನ್ನು ಕಲಿಸುತ್ತವೆ ಎಂದರು. ಕಾರ್ಯಕ್ರಮದಲ್ಲಿ ತಾಲ್ಲೂಕು ಪಂಚಾಯಿತಿ ಇಒ ಶಿವರಾಜಯ್ಯ, ಪ.ಪಂ ಮುಖ್ಯಾಧಿಕಾರಿ ಮಂಜುಳಾ, ಬಿಇಒ ಸೋಮಶೇಖರ್ ಉಪಸ್ಥಿತರಿದ್ದರು.
ಧಾಂಡಿತ ಹೋರಾಟ ನಿಷ್ಠುರ ವ್ಯಕ್ತಿತ್ವವನ್ನು ಹೊಂದಿದ್ದ ಬಸವಣ್ಣನವರು ಇವತ್ತಿಗೂ ಪ್ರಸ್ತುತ. ಅವರು ನೀಡಿದ ವಚನ ಸಾಹಿತ್ಯ ನಮ್ಮ ನಾಡಿನ ದೊಡ್ಡ ಆಸ್ತಿ. ಎಲ್ಲರೂ ಬಸವಣ್ಣನವರ ಆದರ್ಶಗಳನ್ನು ಅಳವಡಿಸಿಕೊಳ್ಳಬೇಕು. ತಹಶೀಲ್ದಾರ್ ಎನ್.ಎ.ಕುಂಇ ಅಹಮದ್ ಮಾತನಾಡಿ, ಬಸವಣ್ಣನವರ ವಚನಗಳನ್ನು ಮಕ್ಕಳಿಗೆ ಕಲಿಸಬೇಕು ಎಂದು ಹೇಳಿದರು.
ಕಾಲಕ್ಕೂ ಸಲ್ಲುತ್ತವೆ ಎಂದರು. ಈ ಸಂದರ್ಭದಲ್ಲಿ ಅಖಿಲಭಾರತ ವೀರಶೈವ ಲಿಂಗಾಯತ ಸಮಾಜದ ತಾಲ್ಲೂಕು ಅಧ್ಯಕ್ಷ ಕರಿಯಪ್ಪ, ಪ.ಪಂ ಸದಸ್ಯರಾದ ಮಾಲತೇಶ್, ತಿಮ್ಮೇಶ್, ಯೋಗೀಶ್ ಸೇರಿದಂತೆ ಇನ್ನಿತರರು ಪಾಲ್ಗೊಂಡಿದ್ದರು.
ಪ್ರತ್ಯೇಕ ಅಪಘಾತ:
ಮೂವರು ಸಾವು
ತುಮಕೂರು: ನಗರದ ಹೊರವಲಯದಲ್ಲಿ ಸಂಭವಿಸಿದ ಎರಡು ಪ್ರತ್ಯೇಕ ಅಪಘಾತಗಳಲ್ಲಿ ಮೂವರು ಮೃತಪಟ್ಟಿರುವ ಘಟನೆ ನಡೆದಿದೆ. ಅಂತರಸನಹಳ್ಳಿ ಮಾರುಕಟ್ಟೆ ಬಳಿ ದ್ವಿಚಕ್ರ ವಾಹನಕ್ಕೆ ಲಾರಿ ಡಿಕ್ಕಿ ಹೊಡೆದ ಪರಿಣಾಮ ಸವಾರ ನಿವಾಸಿ ಪ್ರದೀಪ್ (29) ಸ್ಥಳದಲ್ಲೇ ಮೃತಪಟ್ಟಿದ್ದಾರೆ. ಹಿಂಬದಿ ಸವಾರ (30) ಗಂಭೀರವಾಗಿ ಗಾಯಗೊಂಡಿದ್ದು ಜಿಲ್ಲಾಸ್ಪತ್ರೆಗೆ ದಾಖಲಿಸಲಾಗಿದೆ. ಮತ್ತೊಂದು ಪ್ರಕರಣದಲ್ಲಿ ರಾಷ್ಟ್ರೀಯ ಹೆದ್ದಾರಿಯಲ್ಲಿ ಕಾರು ಮತ್ತು ಬೈಕ್ ನಡುವೆ ಡಿಕ್ಕಿ ಸಂಭವಿಸಿ ಬೈಕ್ ಸವಾರರಿಬ್ಬರು ಸ್ಥಳದಲ್ಲೇ ಸಾವನ್ನಪ್ಪಿದ್ದಾರೆ. ಮೃತರನ್ನು (23) ಎಂದು ಗುರುತಿಸಲಾಗಿದೆ. ಘಟನಾ ಸ್ಥಳಕ್ಕೆ ಪೊಲೀಸರು ಭೇಟಿ ನೀಡಿ ಪರಿಶೀಲನೆ ನಡೆಸಿದ್ದು, ಈ ಸಂಬಂಧ ಕ್ಯಾತ್ಸಂದ್ರ ಮತ್ತು ತಿಲಕ್ ಪಾರ್ಕ್ ಠಾಣೆಗಳಲ್ಲಿ ಪ್ರಕರಣ ದಾಖಲಾಗಿದೆ.
ಅನುಭಾವದ ಸಮ್ಮೇಲವೇ ಅನುಭವ ಮಂಟಪ
ಜನಸಾಮಾನ್ಯರ ಭಾಷೆಯಲ್ಲಿ ಜಾಗೃತಿ ಮೂಡಿಸಿದ ಬಸವಣ್ಣ: ಎಡಿಸಿ ಡಾ.ತಿಪ್ಪೇಸ್ವಾಮಿ
ತುಮಕೂರು:ಬಸವಣ್ಣನವರ ಹೊಂದಿರುವ ಸಂಸ್ಕೃತಿಯ ದಾರ್ಶನಿಕತೆಯು ಅನುಭವ ಮಂಟಪ. ವಿವಿಧ ಸಮುದಾಯಗಳ ಅನುಭಾವಿಗಳ ಸಮ್ಮೇಲನವೇ ಅನುಭವ ಮಂಟಪವಾಗಿತ್ತು ಎಂದು ಅಪರ ಜಿಲ್ಲಾಧಿಕಾರಿ ಡಾ.ತಿಪ್ಪೇಸ್ವಾಮಿ ಅಭಿಪ್ರಾಯಪಟ್ಟರು. ನಗರದ ಡಾ.ಗುಬ್ಬಿ ವೀರಣ್ಣ ರಂಗಮಂದಿರದಲ್ಲಿ ಜಿಲ್ಲಾಡಳಿತ, ಜಿಲ್ಲಾ ಪಂಚಾಯಿತಿ, ಕನ್ನಡ ಮತ್ತು ಸಂಸ್ಕೃತಿ ಇಲಾಖೆ ಹಾಗೂ ವಿವಿಧ ಸಂಘಟನೆಗಳ ಸಹಯೋಗದಲ್ಲಿ ಬುಧವಾರ ಏರ್ಪಡಿಸಿದ್ದ ವಿಶ್ವಗುರು ಬಸವಣ್ಣನವರ ಜಯಂತಿ ಕಾರ್ಯಕ್ರಮದಲ್ಲಿ ಭಾಗವಹಿಸಿ ಮಾತನಾಡಿದರು. ಬಸವಣ್ಣನವರು ಜನಸಾಮಾನ್ಯರ ಭಾಷೆಯಲ್ಲಿ ವಚನಗಳನ್ನು ರಚಿಸುವ ಮೂಲಕ ಸಮಾಜದಲ್ಲಿ ಜಾಗೃತಿ ಮೂಡಿಸಿದರು. ಜಾತಿ, ವರ್ಗ, ಲಿಂಗ ತಾರತಮ್ಯ ವಿರುದ್ಧ ಹೋರಾಡಿದರು. ಕಾಯಕ ಮತ್ತು ದಾಸೋಹ ತತ್ವಗಳ ಮೂಲಕ ಸಮಾಜಕ್ಕೆ ಹೊಸ ದಿಕ್ಕು ತೋರಿದರು. ಅನುಭವ ಮಂಟಪದ ಮೂಲಕ ವಿಶ್ವದ ಮೊದಲ ಸಂಸತ್ತನ್ನು ಸ್ಥಾಪಿಸಿದರು. ಶರಣರು ತಮ್ಮ ಅನುಭವಗಳನ್ನು ವಚನಗಳ ಮೂಲಕ ಹಂಚಿಕೊಳ್ಳುತ್ತಿದ್ದರು ಎಂದರು.
ಮೂಲಕ ಮಾಡಿದಂತ ಸಕಲ ಜೀವಾತ್ಮರಿಗೆ ಲೇಸನ್ನೇ ಬಯಸುವ ಜನರು ನಮ್ಮವರು ಎಂದು ಸಾರಿದರು. ನುಡಿದಂತೆ ನಡೆದು ಸಮಾಜಕ್ಕೆ ಮಾದರಿಯಾದರು. ಸ್ತ್ರೀಯರಿಗೆ ಸಮಾನ ಸ್ಥಾನಮಾನ ನೀಡಿದ ಮೊದಲಿಗರು ಬಸವಣ್ಣನವರು. ಇಂದಿನ ಯುವಜನತೆ ಬಸವಣ್ಣನವರ ಆದರ್ಶಗಳನ್ನು ಪಾಲಿಸಬೇಕು ಎಂದು ಹೇಳಿದರು. ಉಪನ್ಯಾಸಕರಾದ ಡಾ.ಪರಮೇಶ್ ಮಾತನಾಡಿ, ವಿಚಾರವಂತರು ಅನುಭವ ಮಂಟಪದಲ್ಲಿ ಸೇರಿ ಚರ್ಚೆ ನಡೆಸುತ್ತಿದ್ದರು. 12ನೇ ಶತಮಾನದಲ್ಲಿ ನಡೆದ ಈ ಕ್ರಾಂತಿ ಇಂದಿಗೂ ಮಾದರಿ ಎಂದರು.
ನವರಾಗಿಯೇ ಮುಖ್ಯವಾಗಿದ್ದಾರೆ ನಮ್ಮ ಆದ್ಯತೆಯಾಗಬೇಕು ಎಂದರು. ಮಹಾನಗರ ಪಾಲಿಕೆ ಆಯುಕ್ತರು ಮಾತನಾಡಿ, ಕಾಯಕ, ದಾಸೋಹ ಮೂಲಕ ಕನ್ನಡ ಭಾಷೆಯನ್ನು ಧರ್ಮ ಭಾಷೆಯನ್ನಾಗಿ ಮಾಡಿದ ಬಸವಣ್ಣ ತಮ್ಮ ಅನುಭವ ಮಂಟಪದಲ್ಲಿ 774 ಜನ ಶರಣರು, 33 ಮಹಿಳಾ ಶರಣೆಯರಿಗೆ ಅವಕಾಶ ನೀಡಿ, ಹೆಣ್ಣು ಗಂಡು ಎಂಬ ಭೇದ ಭಾವವಿಲ್ಲದೆ ಎಲ್ಲರಿಗೂ ಸಮಾನ ಅವಕಾಶ ನೀಡಿದ್ದರು. ಜಿಲ್ಲಾ ಬ್ರಾಹ್ಮಣ ಸಭಾದ ಅಧ್ಯಕ್ಷರು ಮಾತನಾಡಿ, ಪ್ರತಿಯೊಬ್ಬರೂ ವಚನಗಳಲ್ಲಿ ಬದುಕಿನ ಸಾರವನ್ನು ಕಾಣಬಹುದು ಎಂದರು.
ತಿಳಿದುಕೊಳ್ಳಬೇಕಾಗಿದ್ದು ಅವಶ್ಯವಾಗಿದ್ದು ನಮ್ಮ ನುಡಿಗಳು ಹೇಗಿರಬೇಕೆಂದು ಜಗತ್ತಿಗೆ ತಿಳಿಸಿ ಹೇಳಿದ ಮಹಾನ್ ಚೇತನ ಬಸವಣ್ಣ. ಇಂತಹ ಮಹಾನ್ ವ್ಯಕ್ತಿಯ ಜಯಂತಿಯನ್ನು ಆಚರಿಸುತ್ತಿರುವುದು ಹೆಮ್ಮೆಯ ವಿಷಯ ಎಂದರು. ಕಾರ್ಯಕ್ರಮದ ಅಧ್ಯಕ್ಷತೆ ವಹಿಸಿದ್ದ ಡಾ.ಶಿವಾನಂದ ಮಾತನಾಡಿ, ಬಸವಣ್ಣನವರ ತತ್ವಗಳು ಸಾರ್ವಕಾಲಿಕ. ಅವರ ವಚನಗಳನ್ನು ಮನೆ ಮನೆಗೆ ತಲುಪಿಸುವ ಕೆಲಸವಾಗಬೇಕು ಎಂದು ಹೇಳಿದರು. ಈ ಸಂದರ್ಭದಲ್ಲಿ ಜಿಲ್ಲಾ ಪಂಚಾಯಿತಿ ಸಿಇಒ, ಕನ್ನಡ ಮತ್ತು ಸಂಸ್ಕೃತಿ ಇಲಾಖೆ ಸಹಾಯಕ ನಿರ್ದೇಶಕ, ವೀರಶೈವ ಸಮಾಜದ ಮುಖಂಡರಾದ ಟಿ.ಬಿ.ಶೇಖರ್, ಹೆಚ್.ಜಿ.ಚಂದ್ರಶೇಖರ್, ಕೆ.ಎನ್.ಸಿದ್ದಲಿಂಗಪ್ಪ, ವಿವಿಧ ಸಮಾಜದ ಮುಖಂಡರು, ಗಣ್ಯರು ಸೇರಿದಂತೆ ಅಧಿಕಾರಿಗಳು ಉಪಸ್ಥಿತರಿದ್ದರು.
ಅರ್ಜಿ ಆಹ್ವಾನ
ಪಾವಗಡ: 2025-26ನೇ ಸಾಲಿಗೆ ನಗರದ ಸರ್ಕಾರಿ ಕಸ್ತೂರಬಾ ಗಾಂಧಿ ಬಾಲಿಕಾ ವಿದ್ಯಾಲಯದ ಪ್ರವೇಶ ಕಲ್ಪಿಸಲು 6ನೇ ತರಗತಿಗೆ ದಾಖಲಾತಿ ಪ್ರಕ್ರಿಯೆ ಆರಂಭಗೊಂಡಿದ್ದು ವಾರ್ಷಿಕ ರೂ.1,50,000 ಕ್ಕೆ ಮೀರದ ಆದಾಯ ಹೊಂದಿರುವ ಕುಟುಂಬದ ಹೆಣ್ಣು ಮಕ್ಕಳಿಂದ ಅರ್ಜಿ ಆಹ್ವಾನಿಸಲಾಗಿದೆ. ಆನ್ ಲೈನ್ ಮೂಲಕ ಅಥವಾ ನೇರವಾಗಿ ವಿದ್ಯಾಲಯಕ್ಕೆ ಭೇಟಿ ನೀಡಿ ಅರ್ಜಿ ಸಲ್ಲಿಸಲು ಅವಕಾಶವಿದ್ದು ಮೇ 25ರವರೆಗೆ ಅವಕಾಶವಿದೆ. ಅರ್ಜಿ ಸಲ್ಲಿಸುವವರು ಅಗತ್ಯ ದಾಖಲೆಗಳೊಂದಿಗೆ ಶಾಲೆಗೆ ಭೇಟಿ ನೀಡಿ ಅಗತ್ಯ ದಾಖಲೆ ಸಲ್ಲಿಸುವ ಮೂಲಕ ಪ್ರವೇಶ ಪಡೆದುಕೊಳ್ಳಬಹುದು. ಹೆಚ್ಚಿನ ಮಾಹಿತಿಗಾಗಿ ಕಸ್ತೂರಬಾ ಗಾಂಧಿ ಬಾಲಿಕಾ ವಿದ್ಯಾಲಯ ಇವರನ್ನು ಸಂಪರ್ಕಿಸಿ.
